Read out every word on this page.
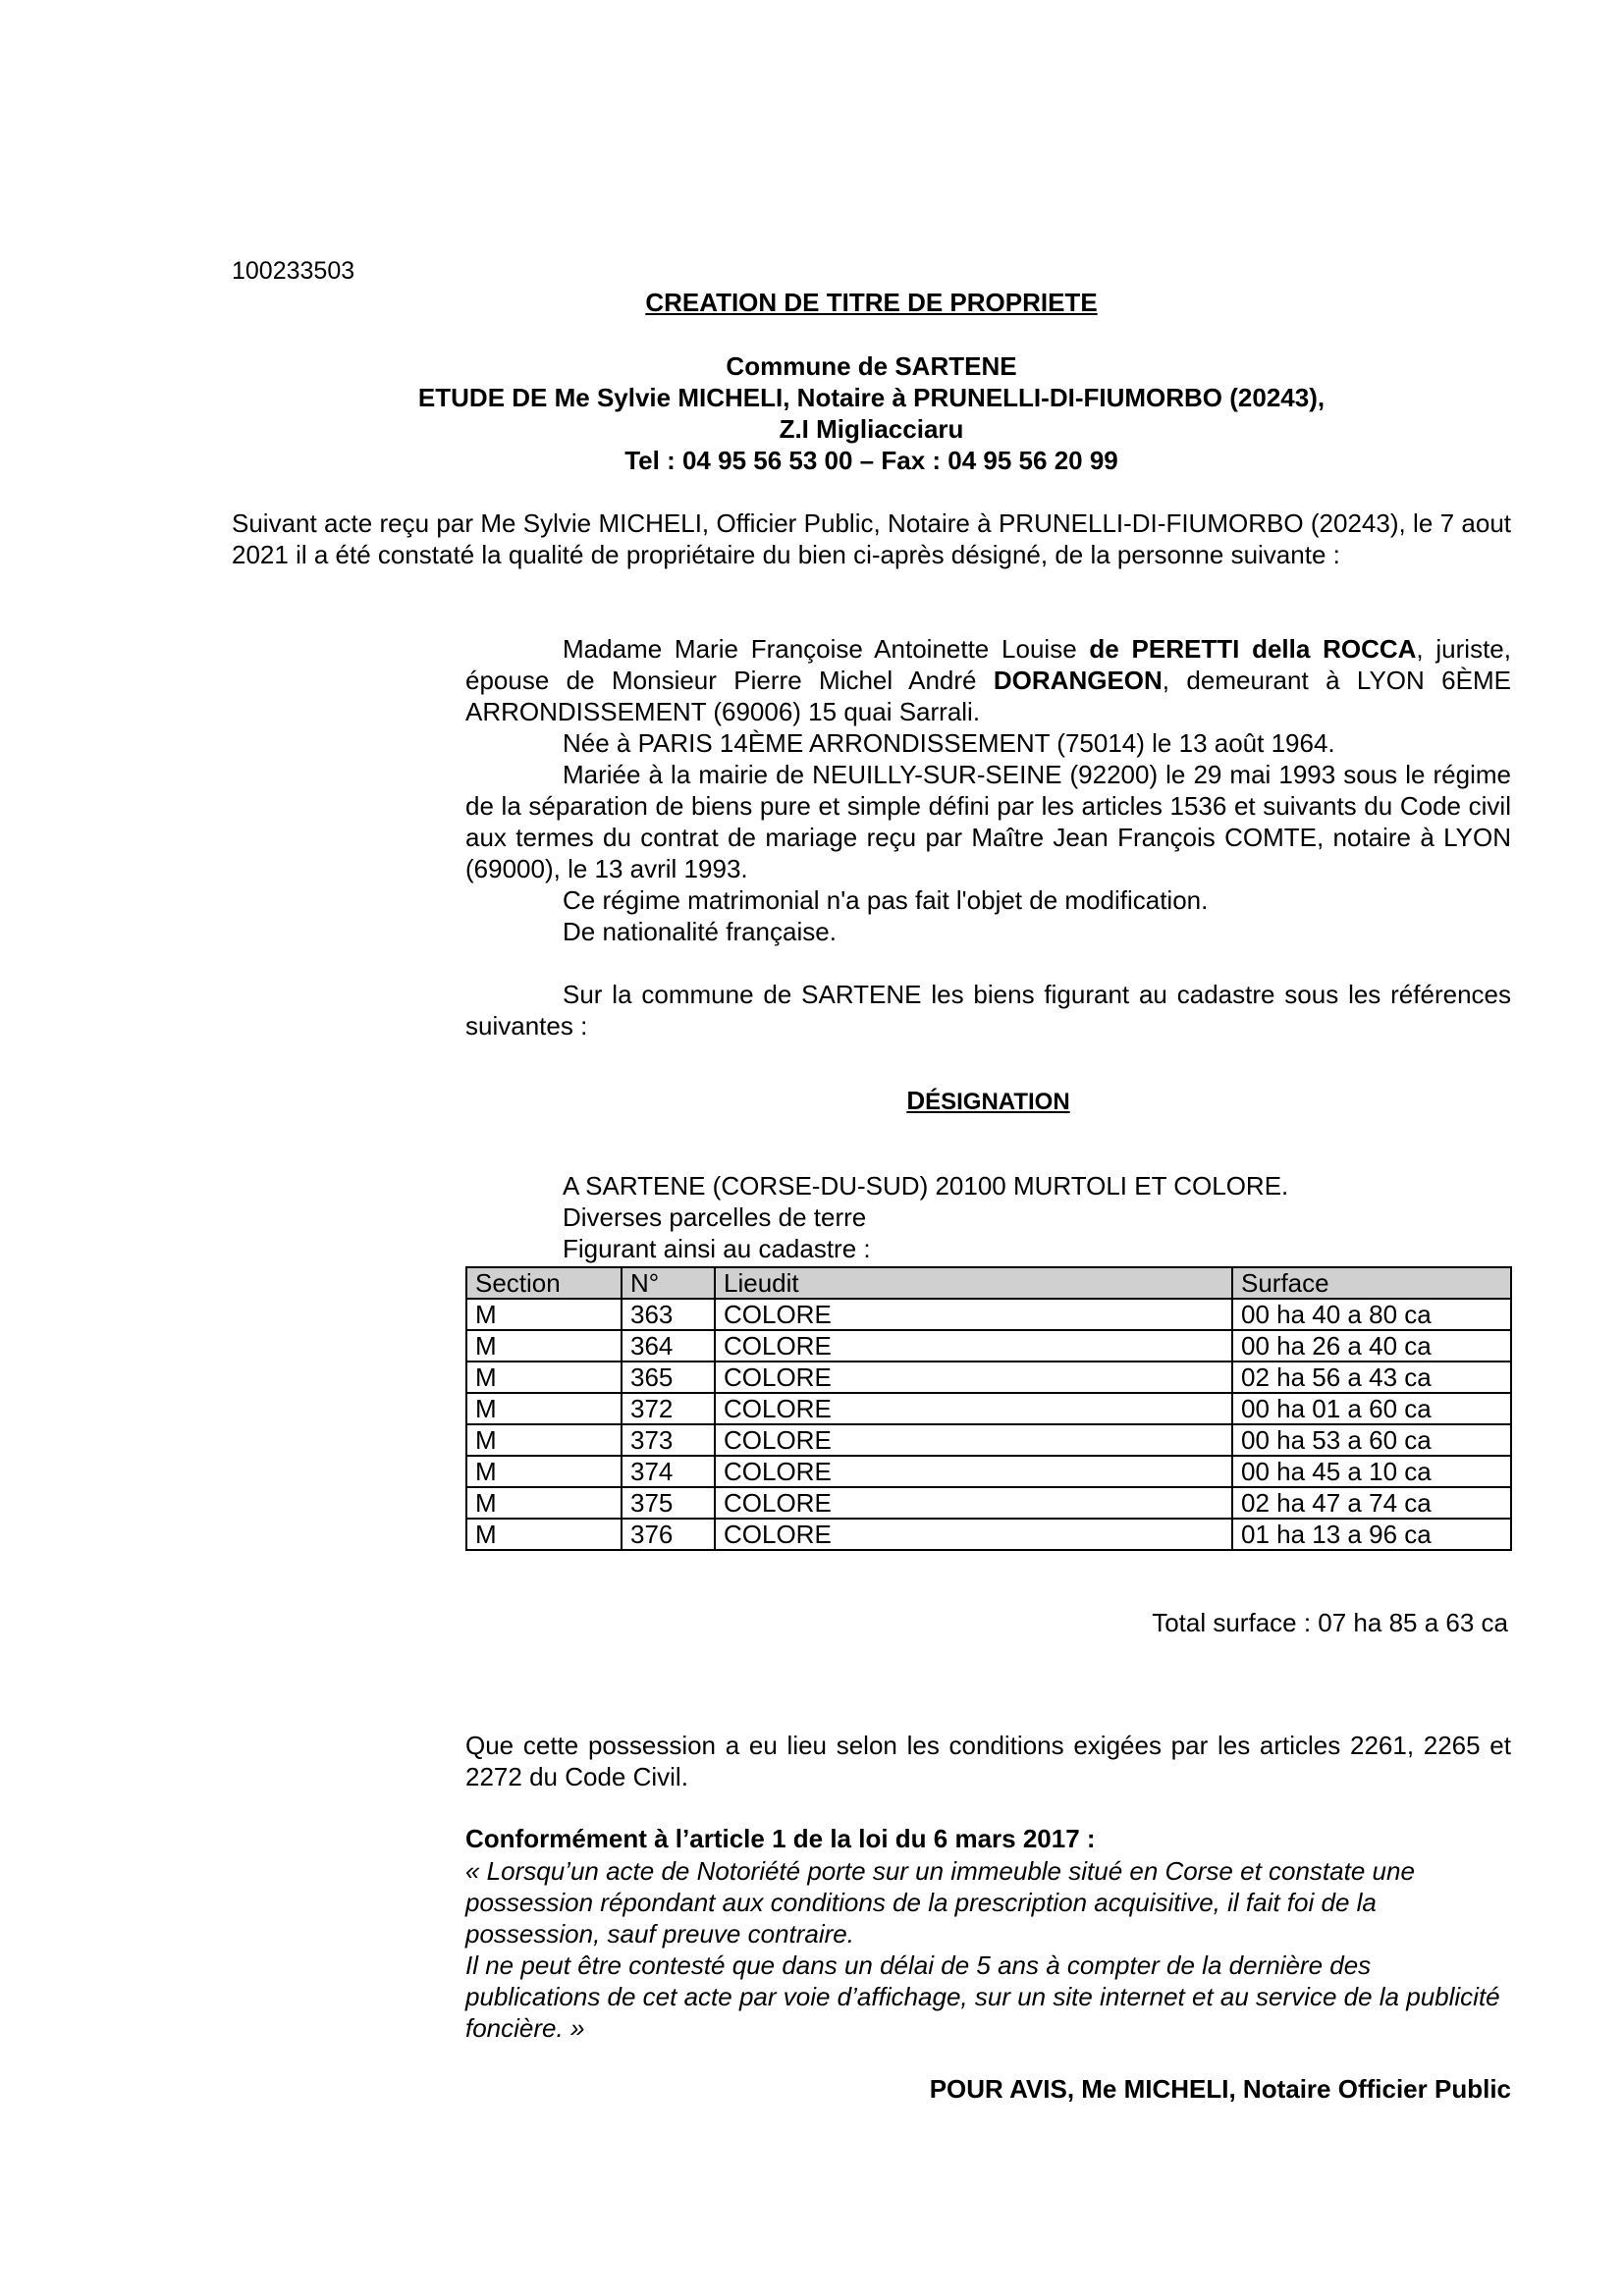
100233503
CREATION DE TITRE DE PROPRIETE
Commune de SARTENE
ETUDE DE Me Sylvie MICHELI, Notaire à PRUNELLI-DI-FIUMORBO (20243),
Z.I Migliacciaru
Tel : 04 95 56 53 00 – Fax : 04 95 56 20 99
Suivant acte reçu par Me Sylvie MICHELI, Officier Public, Notaire à PRUNELLI-DI-FIUMORBO (20243), le 7 aout 2021 il a été constaté la qualité de propriétaire du bien ci-après désigné, de la personne suivante :

Madame Marie Françoise Antoinette Louise de PERETTI della ROCCA, juriste, épouse de Monsieur Pierre Michel André DORANGEON, demeurant à LYON 6ÈME ARRONDISSEMENT (69006) 15 quai Sarrali.

Née à PARIS 14ÈME ARRONDISSEMENT (75014) le 13 août 1964.

Mariée à la mairie de NEUILLY-SUR-SEINE (92200) le 29 mai 1993 sous le régime de la séparation de biens pure et simple défini par les articles 1536 et suivants du Code civil aux termes du contrat de mariage reçu par Maître Jean François COMTE, notaire à LYON (69000), le 13 avril 1993.

Ce régime matrimonial n'a pas fait l'objet de modification.

De nationalité française.

Sur la commune de SARTENE les biens figurant au cadastre sous les références suivantes :

DÉSIGNATION
A SARTENE (CORSE-DU-SUD) 20100 MURTOLI ET COLORE.
Diverses parcelles de terre
Figurant ainsi au cadastre :
Section	N°	Lieudit	Surface
M	363	COLORE	00 ha 40 a 80 ca
M	364	COLORE	00 ha 26 a 40 ca
M	365	COLORE	02 ha 56 a 43 ca
M	372	COLORE	00 ha 01 a 60 ca
M	373	COLORE	00 ha 53 a 60 ca
M	374	COLORE	00 ha 45 a 10 ca
M	375	COLORE	02 ha 47 a 74 ca
M	376	COLORE	01 ha 13 a 96 ca
Total surface : 07 ha 85 a 63 ca
Que cette possession a eu lieu selon les conditions exigées par les articles 2261, 2265 et 2272 du Code Civil.
Conformément à l’article 1 de la loi du 6 mars 2017 :

« Lorsqu’un acte de Notoriété porte sur un immeuble situé en Corse et constate une possession répondant aux conditions de la prescription acquisitive, il fait foi de la possession, sauf preuve contraire.

Il ne peut être contesté que dans un délai de 5 ans à compter de la dernière des publications de cet acte par voie d’affichage, sur un site internet et au service de la publicité foncière. »

POUR AVIS, Me MICHELI, Notaire Officier Public
